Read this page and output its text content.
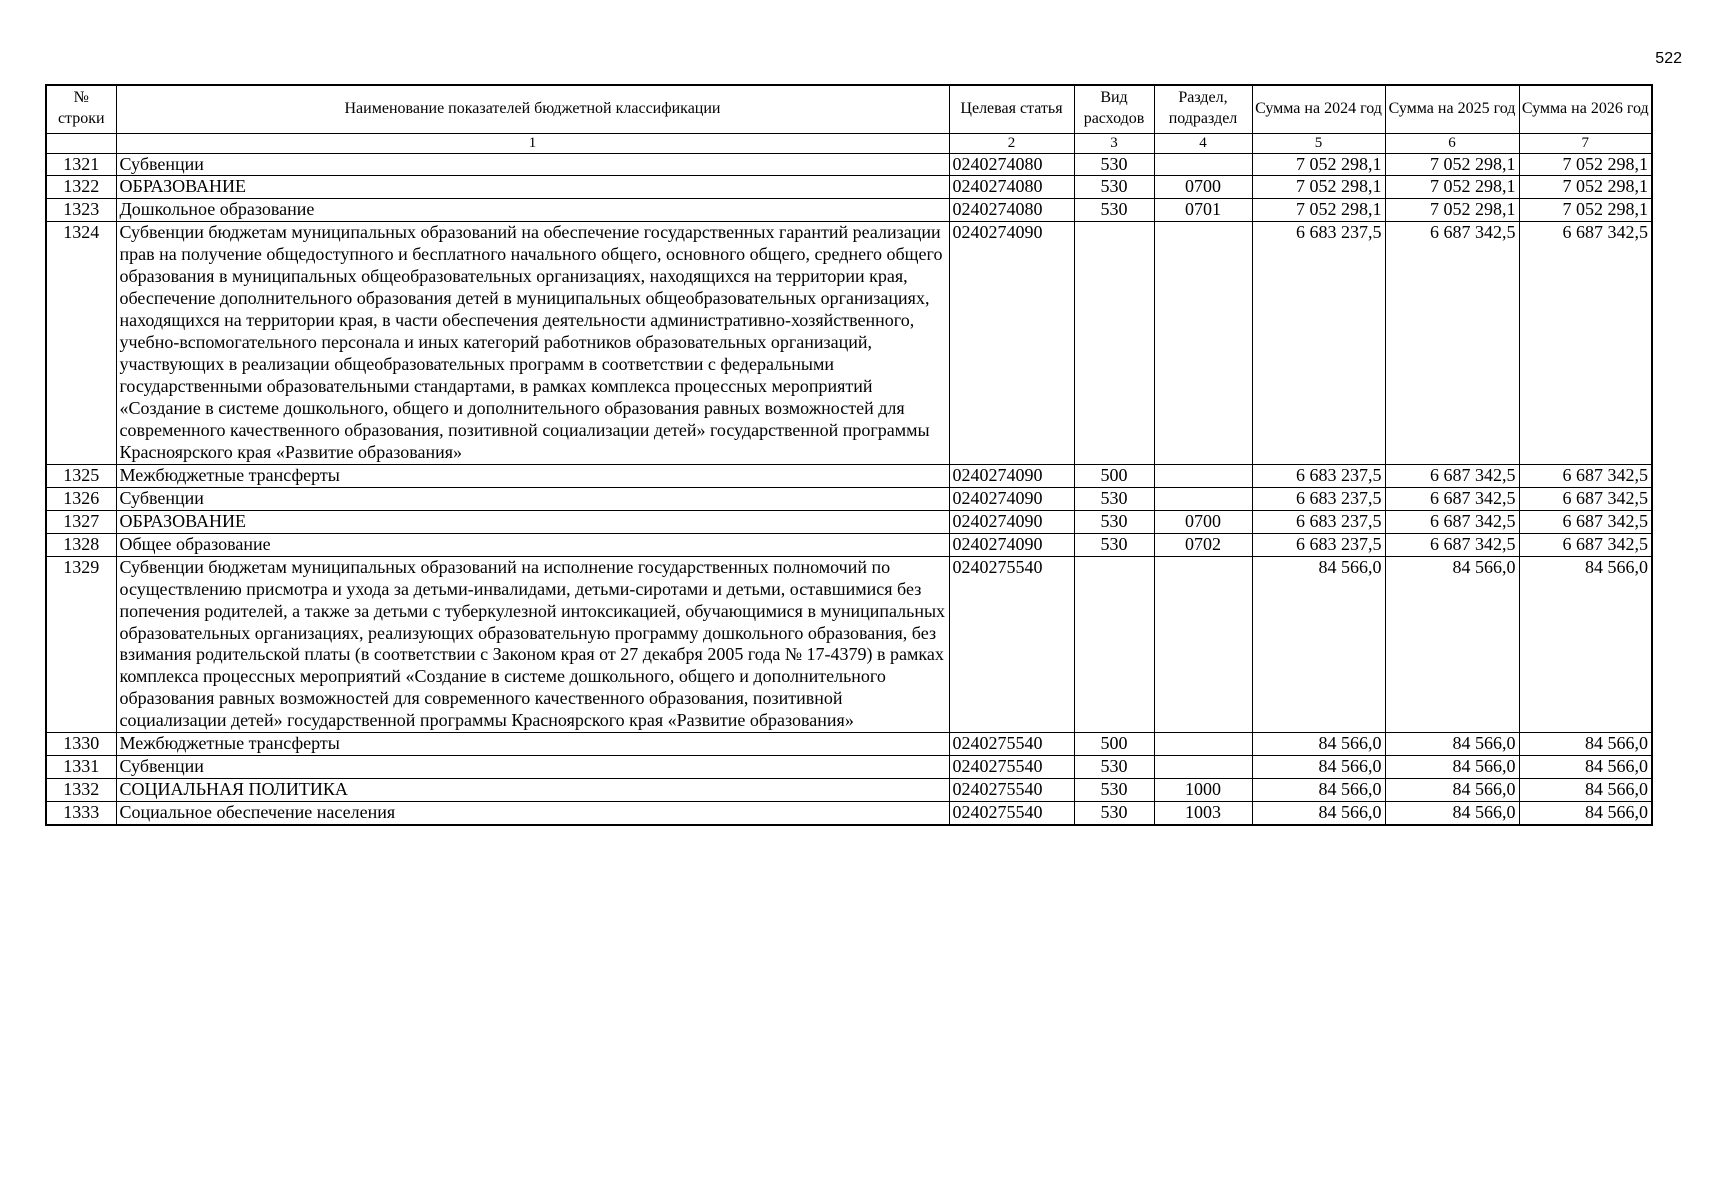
522
№ строки	Наименование показателей бюджетной классификации	Целевая статья	Вид расходов	Раздел, подраздел	Сумма на 2024 год	Сумма на 2025 год	Сумма на 2026 год
	1	2	3	4	5	6	7
1321	Субвенции	0240274080	530		7 052 298,1	7 052 298,1	7 052 298,1
1322	ОБРАЗОВАНИЕ	0240274080	530	0700	7 052 298,1	7 052 298,1	7 052 298,1
1323	Дошкольное образование	0240274080	530	0701	7 052 298,1	7 052 298,1	7 052 298,1
1324	Субвенции бюджетам муниципальных образований на обеспечение государственных гарантий реализации прав на получение общедоступного и бесплатного начального общего, основного общего, среднего общего образования в муниципальных общеобразовательных организациях, находящихся на территории края, обеспечение дополнительного образования детей в муниципальных общеобразовательных организациях, находящихся на территории края, в части обеспечения деятельности административно-хозяйственного, учебно-вспомогательного персонала и иных категорий работников образовательных организаций, участвующих в реализации общеобразовательных программ в соответствии с федеральными государственными образовательными стандартами, в рамках комплекса процессных мероприятий «Создание в системе дошкольного, общего и дополнительного образования равных возможностей для современного качественного образования, позитивной социализации детей» государственной программы Красноярского края «Развитие образования»	0240274090			6 683 237,5	6 687 342,5	6 687 342,5
1325	Межбюджетные трансферты	0240274090	500		6 683 237,5	6 687 342,5	6 687 342,5
1326	Субвенции	0240274090	530		6 683 237,5	6 687 342,5	6 687 342,5
1327	ОБРАЗОВАНИЕ	0240274090	530	0700	6 683 237,5	6 687 342,5	6 687 342,5
1328	Общее образование	0240274090	530	0702	6 683 237,5	6 687 342,5	6 687 342,5
1329	Субвенции бюджетам муниципальных образований на исполнение государственных полномочий по осуществлению присмотра и ухода за детьми-инвалидами, детьми-сиротами и детьми, оставшимися без попечения родителей, а также за детьми с туберкулезной интоксикацией, обучающимися в муниципальных образовательных организациях, реализующих образовательную программу дошкольного образования, без взимания родительской платы (в соответствии с Законом края от 27 декабря 2005 года № 17-4379) в рамках комплекса процессных мероприятий «Создание в системе дошкольного, общего и дополнительного образования равных возможностей для современного качественного образования, позитивной социализации детей» государственной программы Красноярского края «Развитие образования»	0240275540			84 566,0	84 566,0	84 566,0
1330	Межбюджетные трансферты	0240275540	500		84 566,0	84 566,0	84 566,0
1331	Субвенции	0240275540	530		84 566,0	84 566,0	84 566,0
1332	СОЦИАЛЬНАЯ ПОЛИТИКА	0240275540	530	1000	84 566,0	84 566,0	84 566,0
1333	Социальное обеспечение населения	0240275540	530	1003	84 566,0	84 566,0	84 566,0
